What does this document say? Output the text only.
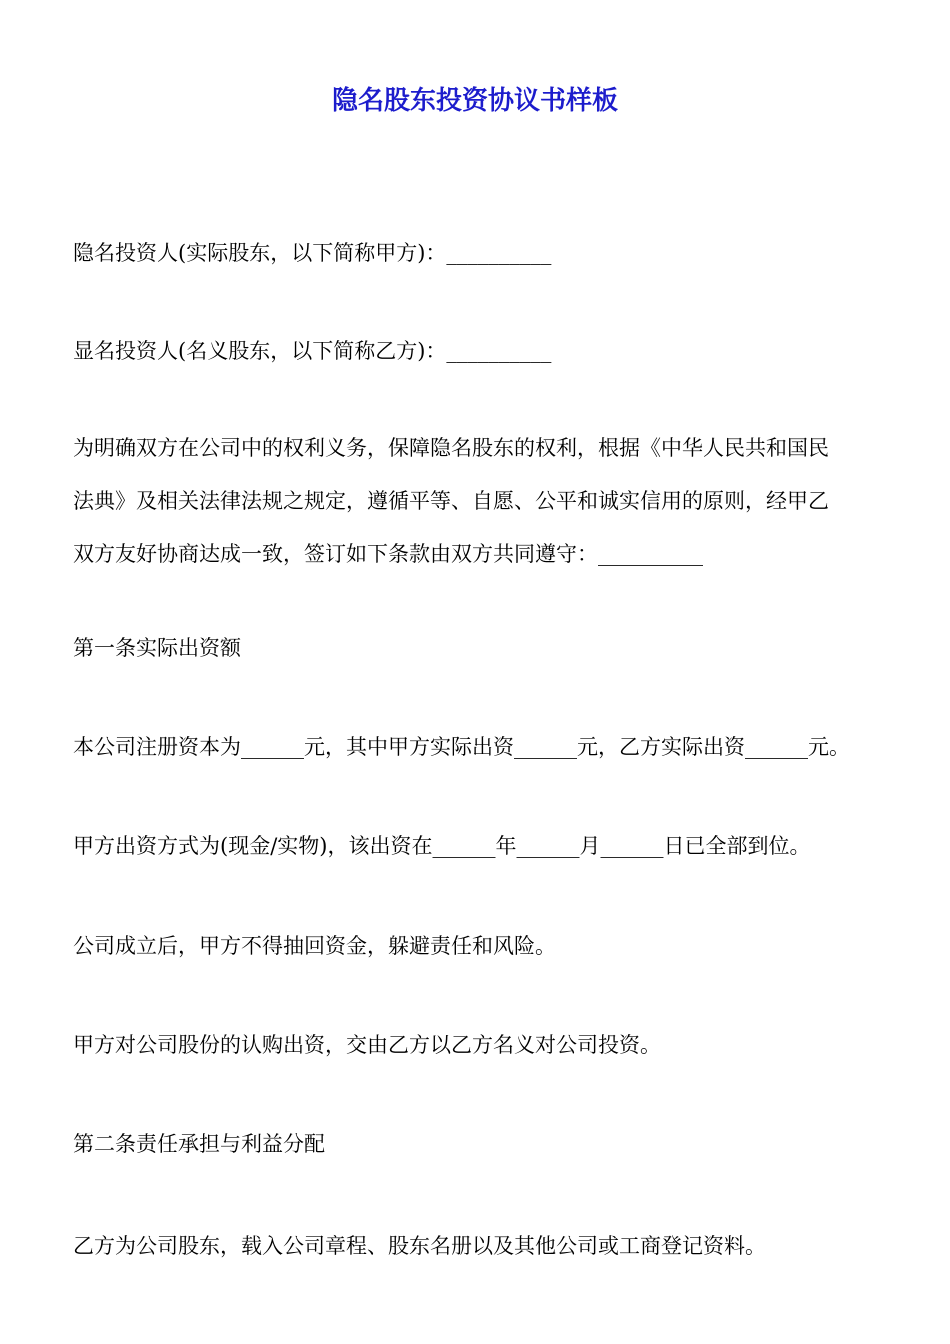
隐名股东投资协议书样板
隐名投资人(实际股东，以下简称甲方)：__________
显名投资人(名义股东，以下简称乙方)：__________
为明确双方在公司中的权利义务，保障隐名股东的权利，根据《中华人民共和国民
法典》及相关法律法规之规定，遵循平等、自愿、公平和诚实信用的原则，经甲乙
双方友好协商达成一致，签订如下条款由双方共同遵守：__________
第一条实际出资额
本公司注册资本为______元，其中甲方实际出资______元，乙方实际出资______元。
甲方出资方式为(现金/实物)，该出资在______年______月______日已全部到位。
公司成立后，甲方不得抽回资金，躲避责任和风险。
甲方对公司股份的认购出资，交由乙方以乙方名义对公司投资。
第二条责任承担与利益分配
乙方为公司股东，载入公司章程、股东名册以及其他公司或工商登记资料。
